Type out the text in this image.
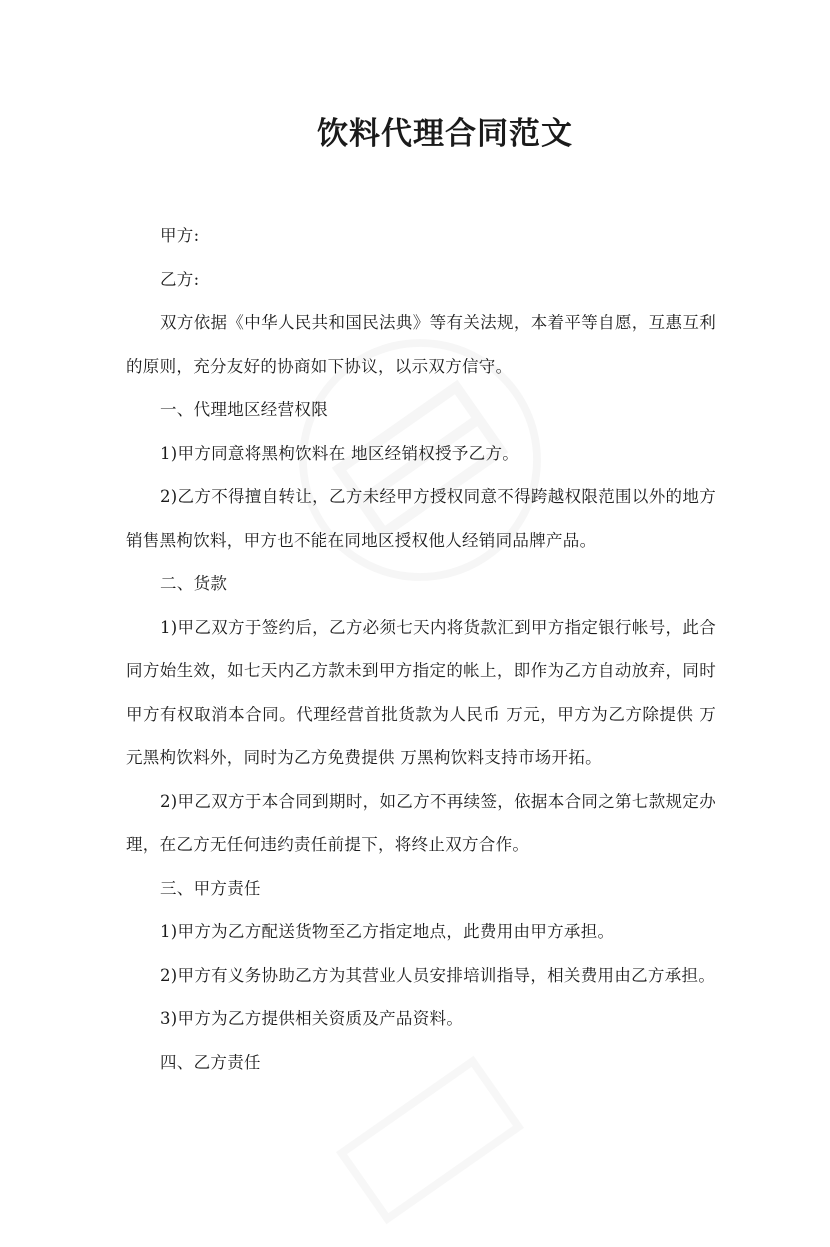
饮料代理合同范文

甲方:

乙方:

双方依据《中华人民共和国民法典》等有关法规，本着平等自愿，互惠互利的原则，充分友好的协商如下协议，以示双方信守。

一、代理地区经营权限

1)甲方同意将黑枸饮料在 地区经销权授予乙方。

2)乙方不得擅自转让，乙方未经甲方授权同意不得跨越权限范围以外的地方销售黑枸饮料，甲方也不能在同地区授权他人经销同品牌产品。

二、货款

1)甲乙双方于签约后，乙方必须七天内将货款汇到甲方指定银行帐号，此合同方始生效，如七天内乙方款未到甲方指定的帐上，即作为乙方自动放弃，同时甲方有权取消本合同。代理经营首批货款为人民币 万元，甲方为乙方除提供 万元黑枸饮料外，同时为乙方免费提供 万黑枸饮料支持市场开拓。

2)甲乙双方于本合同到期时，如乙方不再续签，依据本合同之第七款规定办理，在乙方无任何违约责任前提下，将终止双方合作。

三、甲方责任

1)甲方为乙方配送货物至乙方指定地点，此费用由甲方承担。

2)甲方有义务协助乙方为其营业人员安排培训指导，相关费用由乙方承担。

3)甲方为乙方提供相关资质及产品资料。

四、乙方责任
